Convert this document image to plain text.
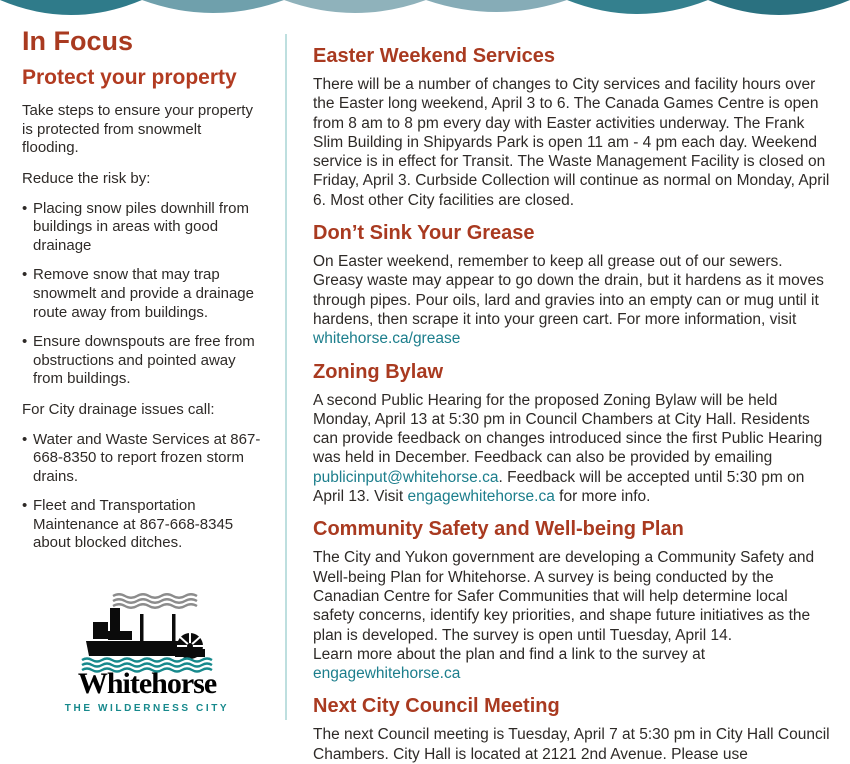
In Focus
Protect your property

Take steps to ensure your property is protected from snowmelt flooding.

Reduce the risk by:

• Placing snow piles downhill from buildings in areas with good drainage
• Remove snow that may trap snowmelt and provide a drainage route away from buildings.
• Ensure downspouts are free from obstructions and pointed away from buildings.

For City drainage issues call:

• Water and Waste Services at 867-668-8350 to report frozen storm drains.
• Fleet and Transportation Maintenance at 867-668-8345 about blocked ditches.
Whitehorse
THE WILDERNESS CITY
Easter Weekend Services

There will be a number of changes to City services and facility hours over the Easter long weekend, April 3 to 6. The Canada Games Centre is open from 8 am to 8 pm every day with Easter activities underway. The Frank Slim Building in Shipyards Park is open 11 am - 4 pm each day. Weekend service is in effect for Transit. The Waste Management Facility is closed on Friday, April 3. Curbside Collection will continue as normal on Monday, April 6. Most other City facilities are closed.

Don’t Sink Your Grease

On Easter weekend, remember to keep all grease out of our sewers. Greasy waste may appear to go down the drain, but it hardens as it moves through pipes. Pour oils, lard and gravies into an empty can or mug until it hardens, then scrape it into your green cart. For more information, visit whitehorse.ca/grease

Zoning Bylaw

A second Public Hearing for the proposed Zoning Bylaw will be held Monday, April 13 at 5:30 pm in Council Chambers at City Hall. Residents can provide feedback on changes introduced since the first Public Hearing was held in December. Feedback can also be provided by emailing publicinput@whitehorse.ca. Feedback will be accepted until 5:30 pm on April 13. Visit engagewhitehorse.ca for more info.

Community Safety and Well-being Plan

The City and Yukon government are developing a Community Safety and Well-being Plan for Whitehorse. A survey is being conducted by the Canadian Centre for Safer Communities that will help determine local safety concerns, identify key priorities, and shape future initiatives as the plan is developed. The survey is open until Tuesday, April 14.
Learn more about the plan and find a link to the survey at engagewhitehorse.ca

Next City Council Meeting

The next Council meeting is Tuesday, April 7 at 5:30 pm in City Hall Council Chambers. City Hall is located at 2121 2nd Avenue. Please use
